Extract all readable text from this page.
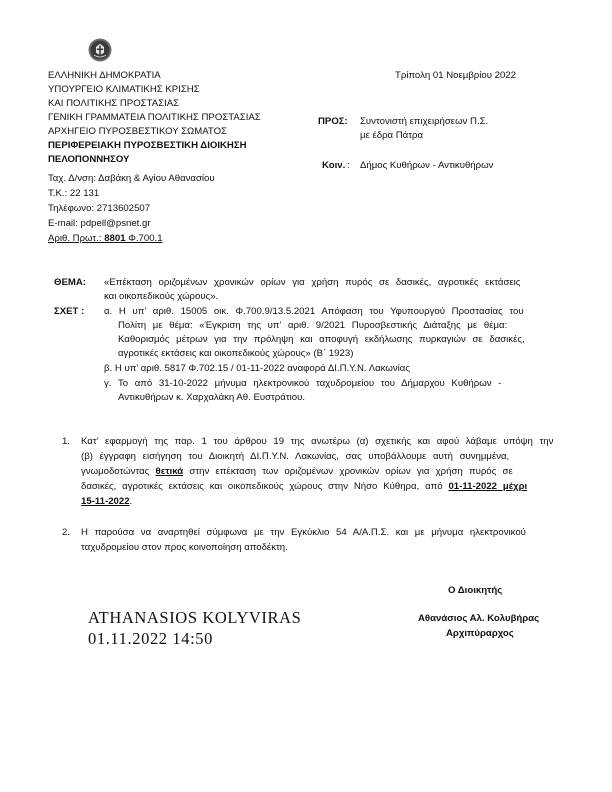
ΕΛΛΗΝΙΚΗ ΔΗΜΟΚΡΑΤΙΑ
ΥΠΟΥΡΓΕΙΟ ΚΛΙΜΑΤΙΚΗΣ ΚΡΙΣΗΣ
ΚΑΙ ΠΟΛΙΤΙΚΗΣ ΠΡΟΣΤΑΣΙΑΣ
ΓΕΝΙΚΗ ΓΡΑΜΜΑΤΕΙΑ ΠΟΛΙΤΙΚΗΣ ΠΡΟΣΤΑΣΙΑΣ
ΑΡΧΗΓΕΙΟ ΠΥΡΟΣΒΕΣΤΙΚΟΥ ΣΩΜΑΤΟΣ
ΠΕΡΙΦΕΡΕΙΑΚΗ ΠΥΡΟΣΒΕΣΤΙΚΗ ΔΙΟΙΚΗΣΗ
ΠΕΛΟΠΟΝΝΗΣΟΥ
Ταχ. Δ/νση: Δαβάκη & Αγίου Αθανασίου
Τ.Κ.: 22 131
Τηλέφωνο: 2713602507
E-mail: pdpell@psnet.gr
Αριθ. Πρωτ.: 8801 Φ.700.1
Τρίπολη 01 Νοεμβρίου 2022
ΠΡΟΣ: Συντονιστή επιχειρήσεων Π.Σ.
με έδρα Πάτρα
Κοιν. : Δήμος Κυθήρων - Αντικυθήρων
ΘΕΜΑ: «Επέκταση οριζομένων χρονικών ορίων για χρήση πυρός σε δασικές, αγροτικές εκτάσεις
και οικοπεδικούς χώρους».
ΣΧΕΤ : α. Η υπ’ αριθ. 15005 οικ. Φ.700.9/13.5.2021 Απόφαση του Υφυπουργού Προστασίας του
Πολίτη με θέμα: «Έγκριση της υπ’ αριθ. 9/2021 Πυροσβεστικής Διάταξης με θέμα:
Καθορισμός μέτρων για την πρόληψη και αποφυγή εκδήλωσης πυρκαγιών σε δασικές,
αγροτικές εκτάσεις και οικοπεδικούς χώρους» (Β΄ 1923)
β. Η υπ’ αριθ. 5817 Φ.702.15 / 01-11-2022 αναφορά ΔΙ.Π.Υ.Ν. Λακωνίας
γ. Το από 31-10-2022 μήνυμα ηλεκτρονικού ταχυδρομείου του Δήμαρχου Κυθήρων -
Αντικυθήρων κ. Χαρχαλάκη Αθ. Ευστράτιου.
1. Κατ’ εφαρμογή της παρ. 1 του άρθρου 19 της ανωτέρω (α) σχετικής και αφού λάβαμε υπόψη την
(β) έγγραφη εισήγηση του Διοικητή ΔΙ.Π.Υ.Ν. Λακωνίας, σας υποβάλλουμε αυτή συνημμένα,
γνωμοδοτώντας θετικά στην επέκταση των οριζομένων χρονικών ορίων για χρήση πυρός σε
δασικές, αγροτικές εκτάσεις και οικοπεδικούς χώρους στην Νήσο Κύθηρα, από 01-11-2022 μέχρι
15-11-2022.
2. Η παρούσα να αναρτηθεί σύμφωνα με την Εγκύκλιο 54 Α/Α.Π.Σ. και με μήνυμα ηλεκτρονικού
ταχυδρομείου στον προς κοινοποίηση αποδέκτη.
Ο Διοικητής
ATHANASIOS KOLYVIRAS
01.11.2022 14:50
Αθανάσιος Αλ. Κολυβήρας
Αρχιπύραρχος
